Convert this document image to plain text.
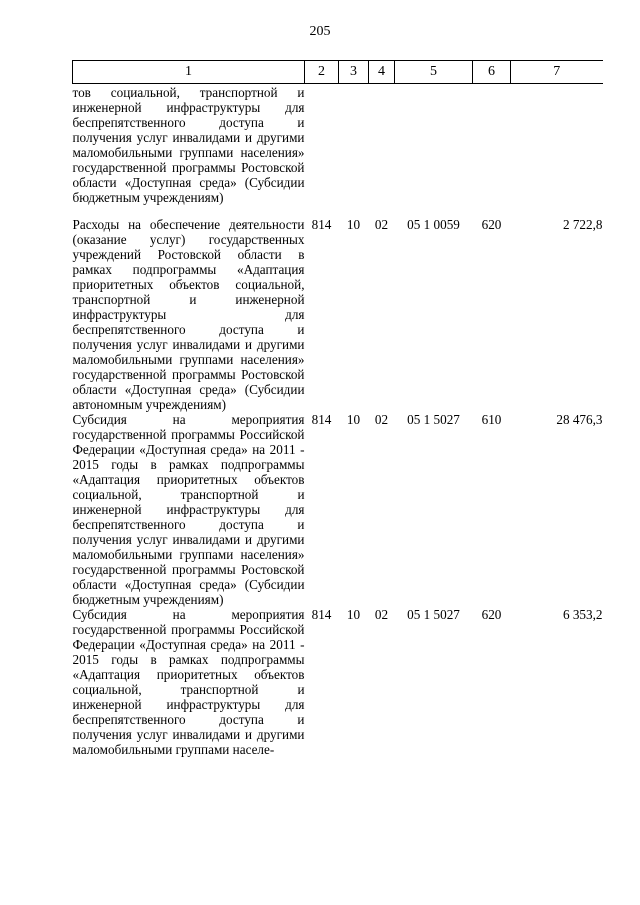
205
1	2	3	4	5	6	7
тов социальной, транспортной и инженерной инфраструктуры для беспрепятственного доступа и получения услуг инвалидами и другими маломобильными группами населения» государственной программы Ростовской области «Доступная среда» (Субсидии бюджетным учреждениям)						
Расходы на обеспечение деятельности (оказание услуг) государственных учреждений Ростовской области в рамках подпрограммы «Адаптация приоритетных объектов социальной, транспортной и инженерной инфраструктуры для беспрепятственного доступа и получения услуг инвалидами и другими маломобильными группами населения» государственной программы Ростовской области «Доступная среда» (Субсидии автономным учреждениям)	814	10	02	05 1 0059	620	2 722,8
Субсидия на мероприятия государственной программы Российской Федерации «Доступная среда» на 2011 - 2015 годы в рамках подпрограммы «Адаптация приоритетных объектов социальной, транспортной и инженерной инфраструктуры для беспрепятственного доступа и получения услуг инвалидами и другими маломобильными группами населения» государственной программы Ростовской области «Доступная среда» (Субсидии бюджетным учреждениям)	814	10	02	05 1 5027	610	28 476,3
Субсидия на мероприятия государственной программы Российской Федерации «Доступная среда» на 2011 - 2015 годы в рамках подпрограммы «Адаптация приоритетных объектов социальной, транспортной и инженерной инфраструктуры для беспрепятственного доступа и получения услуг инвалидами и другими маломобильными группами населе-	814	10	02	05 1 5027	620	6 353,2
